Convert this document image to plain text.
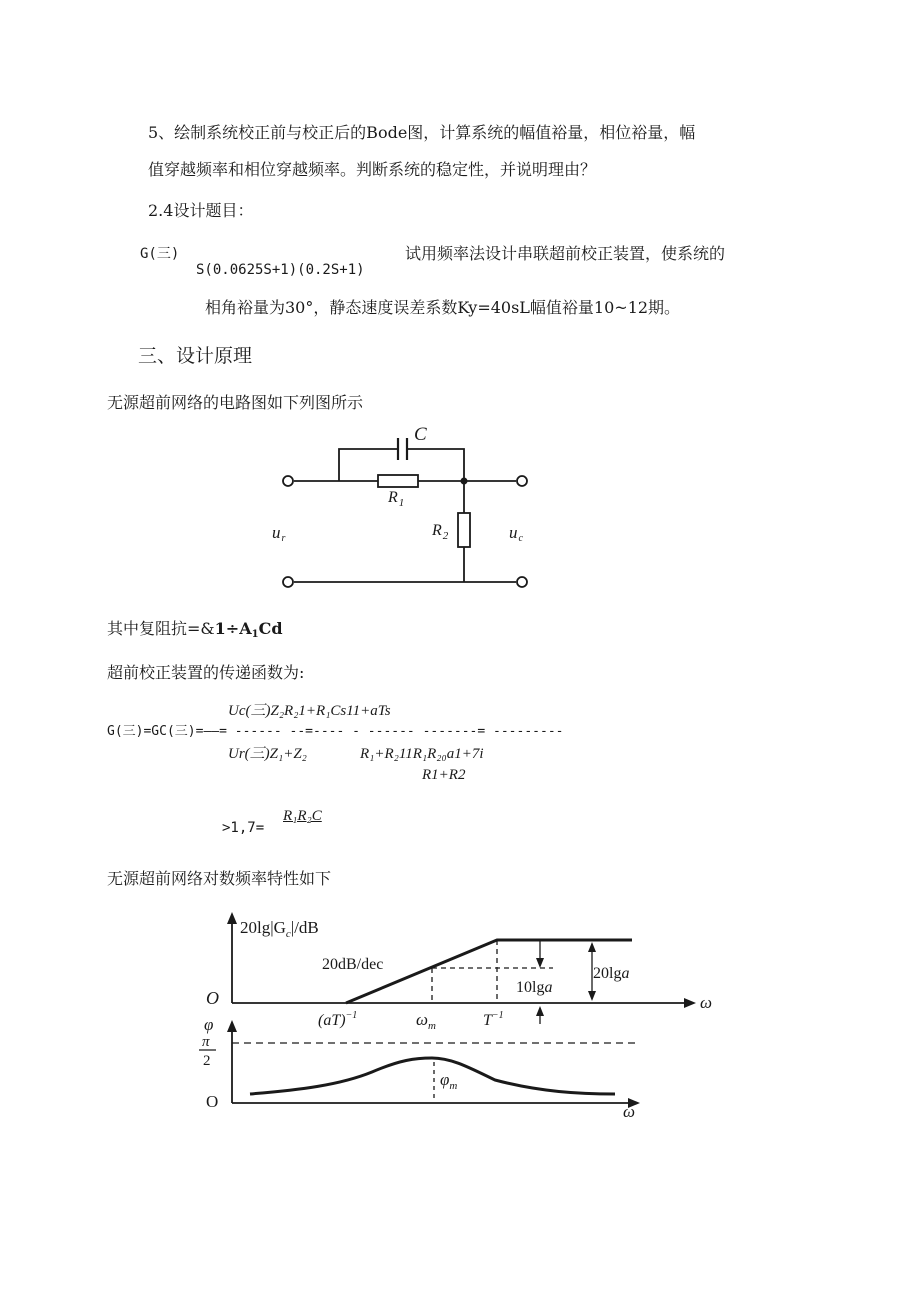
5、绘制系统校正前与校正后的Bode图，计算系统的幅值裕量，相位裕量，幅
值穿越频率和相位穿越频率。判断系统的稳定性，并说明理由？
2.4设计题目：
G(三)
S(0.0625S+1)(0.2S+1)
试用频率法设计串联超前校正装置，使系统的
相角裕量为30°，静态速度误差系数Ky=40sL幅值裕量10~12期。
三、设计原理
无源超前网络的电路图如下列图所示
C
$R_1$
$R_2$
ur	uc
其中复阻抗$=\&1\div A_1Cd$
超前校正装置的传递函数为:
Uc(三)Z₂R₂1+R₁Cs11+aTs
G(三)=GC(三)=——= ------ --=---- - ------ -------= ---------
Ur(三)Z₁+Z₂	R₁+R₂11R₁R₂₀a1+7i
R1+R2
>1,7=
R₁R₂C
无源超前网络对数频率特性如下
$20\lg|G_c|/dB$
20dB/dec
O
(aT)$^{-1}$	$\omega_m$	$T^{-1}$
ω
10lga
20lga
φ
π
2
O
$\varphi_m$
ω
